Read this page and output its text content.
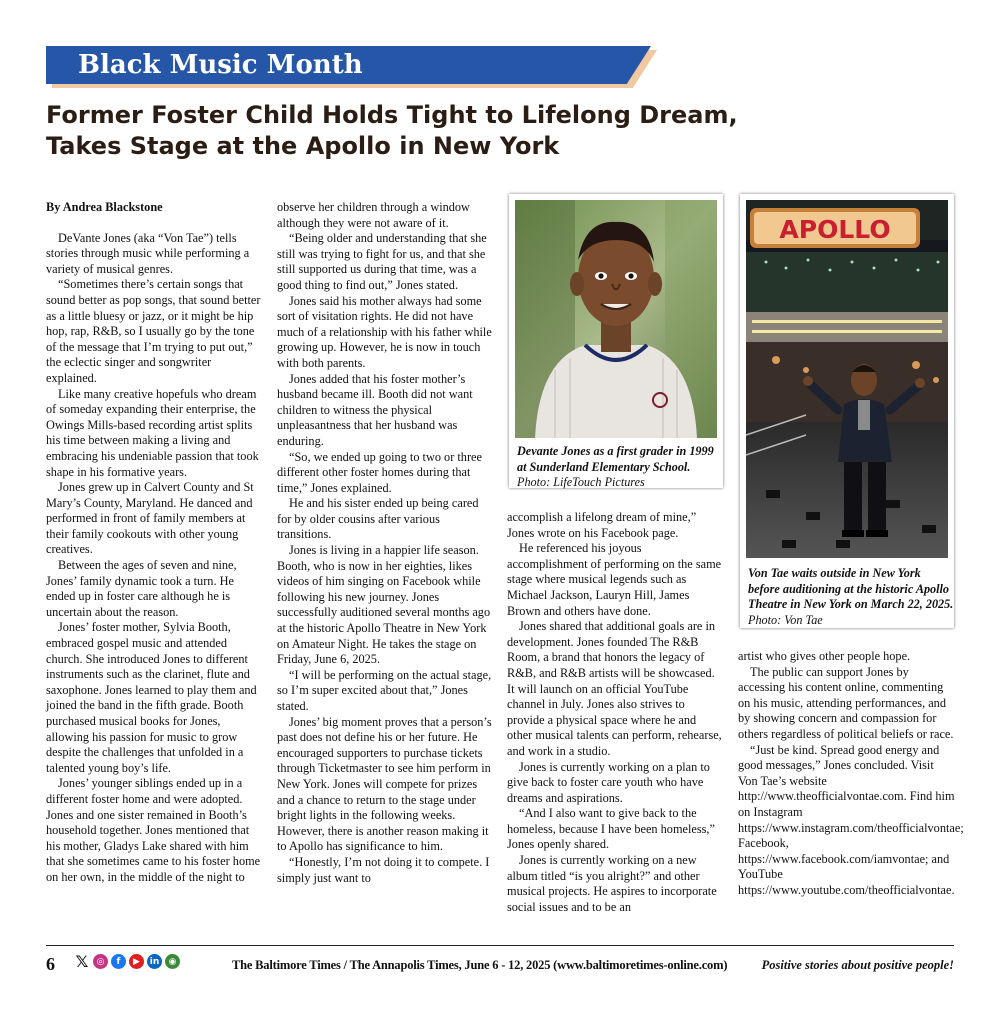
Black Music Month
Former Foster Child Holds Tight to Lifelong Dream,
Takes Stage at the Apollo in New York

By Andrea Blackstone

DeVante Jones (aka “Von Tae”) tells stories through music while performing a variety of musical genres.

“Sometimes there’s certain songs that sound better as pop songs, that sound better as a little bluesy or jazz, or it might be hip hop, rap, R&B, so I usually go by the tone of the message that I’m trying to put out,” the eclectic singer and songwriter explained.

Like many creative hopefuls who dream of someday expanding their enterprise, the Owings Mills-based recording artist splits his time between making a living and embracing his undeniable passion that took shape in his formative years.

Jones grew up in Calvert County and St Mary’s County, Maryland. He danced and performed in front of family members at their family cookouts with other young creatives.

Between the ages of seven and nine, Jones’ family dynamic took a turn. He ended up in foster care although he is uncertain about the reason.

Jones’ foster mother, Sylvia Booth, embraced gospel music and attended church. She introduced Jones to different instruments such as the clarinet, flute and saxophone. Jones learned to play them and joined the band in the fifth grade. Booth purchased musical books for Jones, allowing his passion for music to grow despite the challenges that unfolded in a talented young boy’s life.

Jones’ younger siblings ended up in a different foster home and were adopted. Jones and one sister remained in Booth’s household together. Jones mentioned that his mother, Gladys Lake shared with him that she sometimes came to his foster home on her own, in the middle of the night to

observe her children through a window although they were not aware of it.

“Being older and understanding that she still was trying to fight for us, and that she still supported us during that time, was a good thing to find out,” Jones stated.

Jones said his mother always had some sort of visitation rights. He did not have much of a relationship with his father while growing up. However, he is now in touch with both parents.

Jones added that his foster mother’s husband became ill. Booth did not want children to witness the physical unpleasantness that her husband was enduring.

“So, we ended up going to two or three different other foster homes during that time,” Jones explained.

He and his sister ended up being cared for by older cousins after various transitions.

Jones is living in a happier life season. Booth, who is now in her eighties, likes videos of him singing on Facebook while following his new journey. Jones successfully auditioned several months ago at the historic Apollo Theatre in New York on Amateur Night. He takes the stage on Friday, June 6, 2025.

“I will be performing on the actual stage, so I’m super excited about that,” Jones stated.

Jones’ big moment proves that a person’s past does not define his or her future. He encouraged supporters to purchase tickets through Ticketmaster to see him perform in New York. Jones will compete for prizes and a chance to return to the stage under bright lights in the following weeks. However, there is another reason making it to Apollo has significance to him.

“Honestly, I’m not doing it to compete. I simply just want to

accomplish a lifelong dream of mine,” Jones wrote on his Facebook page.

He referenced his joyous accomplishment of performing on the same stage where musical legends such as Michael Jackson, Lauryn Hill, James Brown and others have done.

Jones shared that additional goals are in development. Jones founded The R&B Room, a brand that honors the legacy of R&B, and R&B artists will be showcased. It will launch on an official YouTube channel in July. Jones also strives to provide a physical space where he and other musical talents can perform, rehearse, and work in a studio.

Jones is currently working on a plan to give back to foster care youth who have dreams and aspirations.

“And I also want to give back to the homeless, because I have been homeless,” Jones openly shared.

Jones is currently working on a new album titled “is you alright?” and other musical projects. He aspires to incorporate social issues and to be an

artist who gives other people hope.

The public can support Jones by accessing his content online, commenting on his music, attending performances, and by showing concern and compassion for others regardless of political beliefs or race.

“Just be kind. Spread good energy and good messages,” Jones concluded. Visit Von Tae’s website http://www.theofficialvontae.com. Find him on Instagram https://www.instagram.com/theofficialvontae; Facebook, https://www.facebook.com/iamvontae; and YouTube https://www.youtube.com/theofficialvontae.

Devante Jones as a first grader in 1999 at Sunderland Elementary School. Photo: LifeTouch Pictures
APOLLO
Von Tae waits outside in New York before auditioning at the historic Apollo Theatre in New York on March 22, 2025. Photo: Von Tae
6 𝕏 ◎	f	▶	in	◉	The Baltimore Times / The Annapolis Times, June 6 - 12, 2025 (www.baltimoretimes-online.com)	Positive stories about positive people!
